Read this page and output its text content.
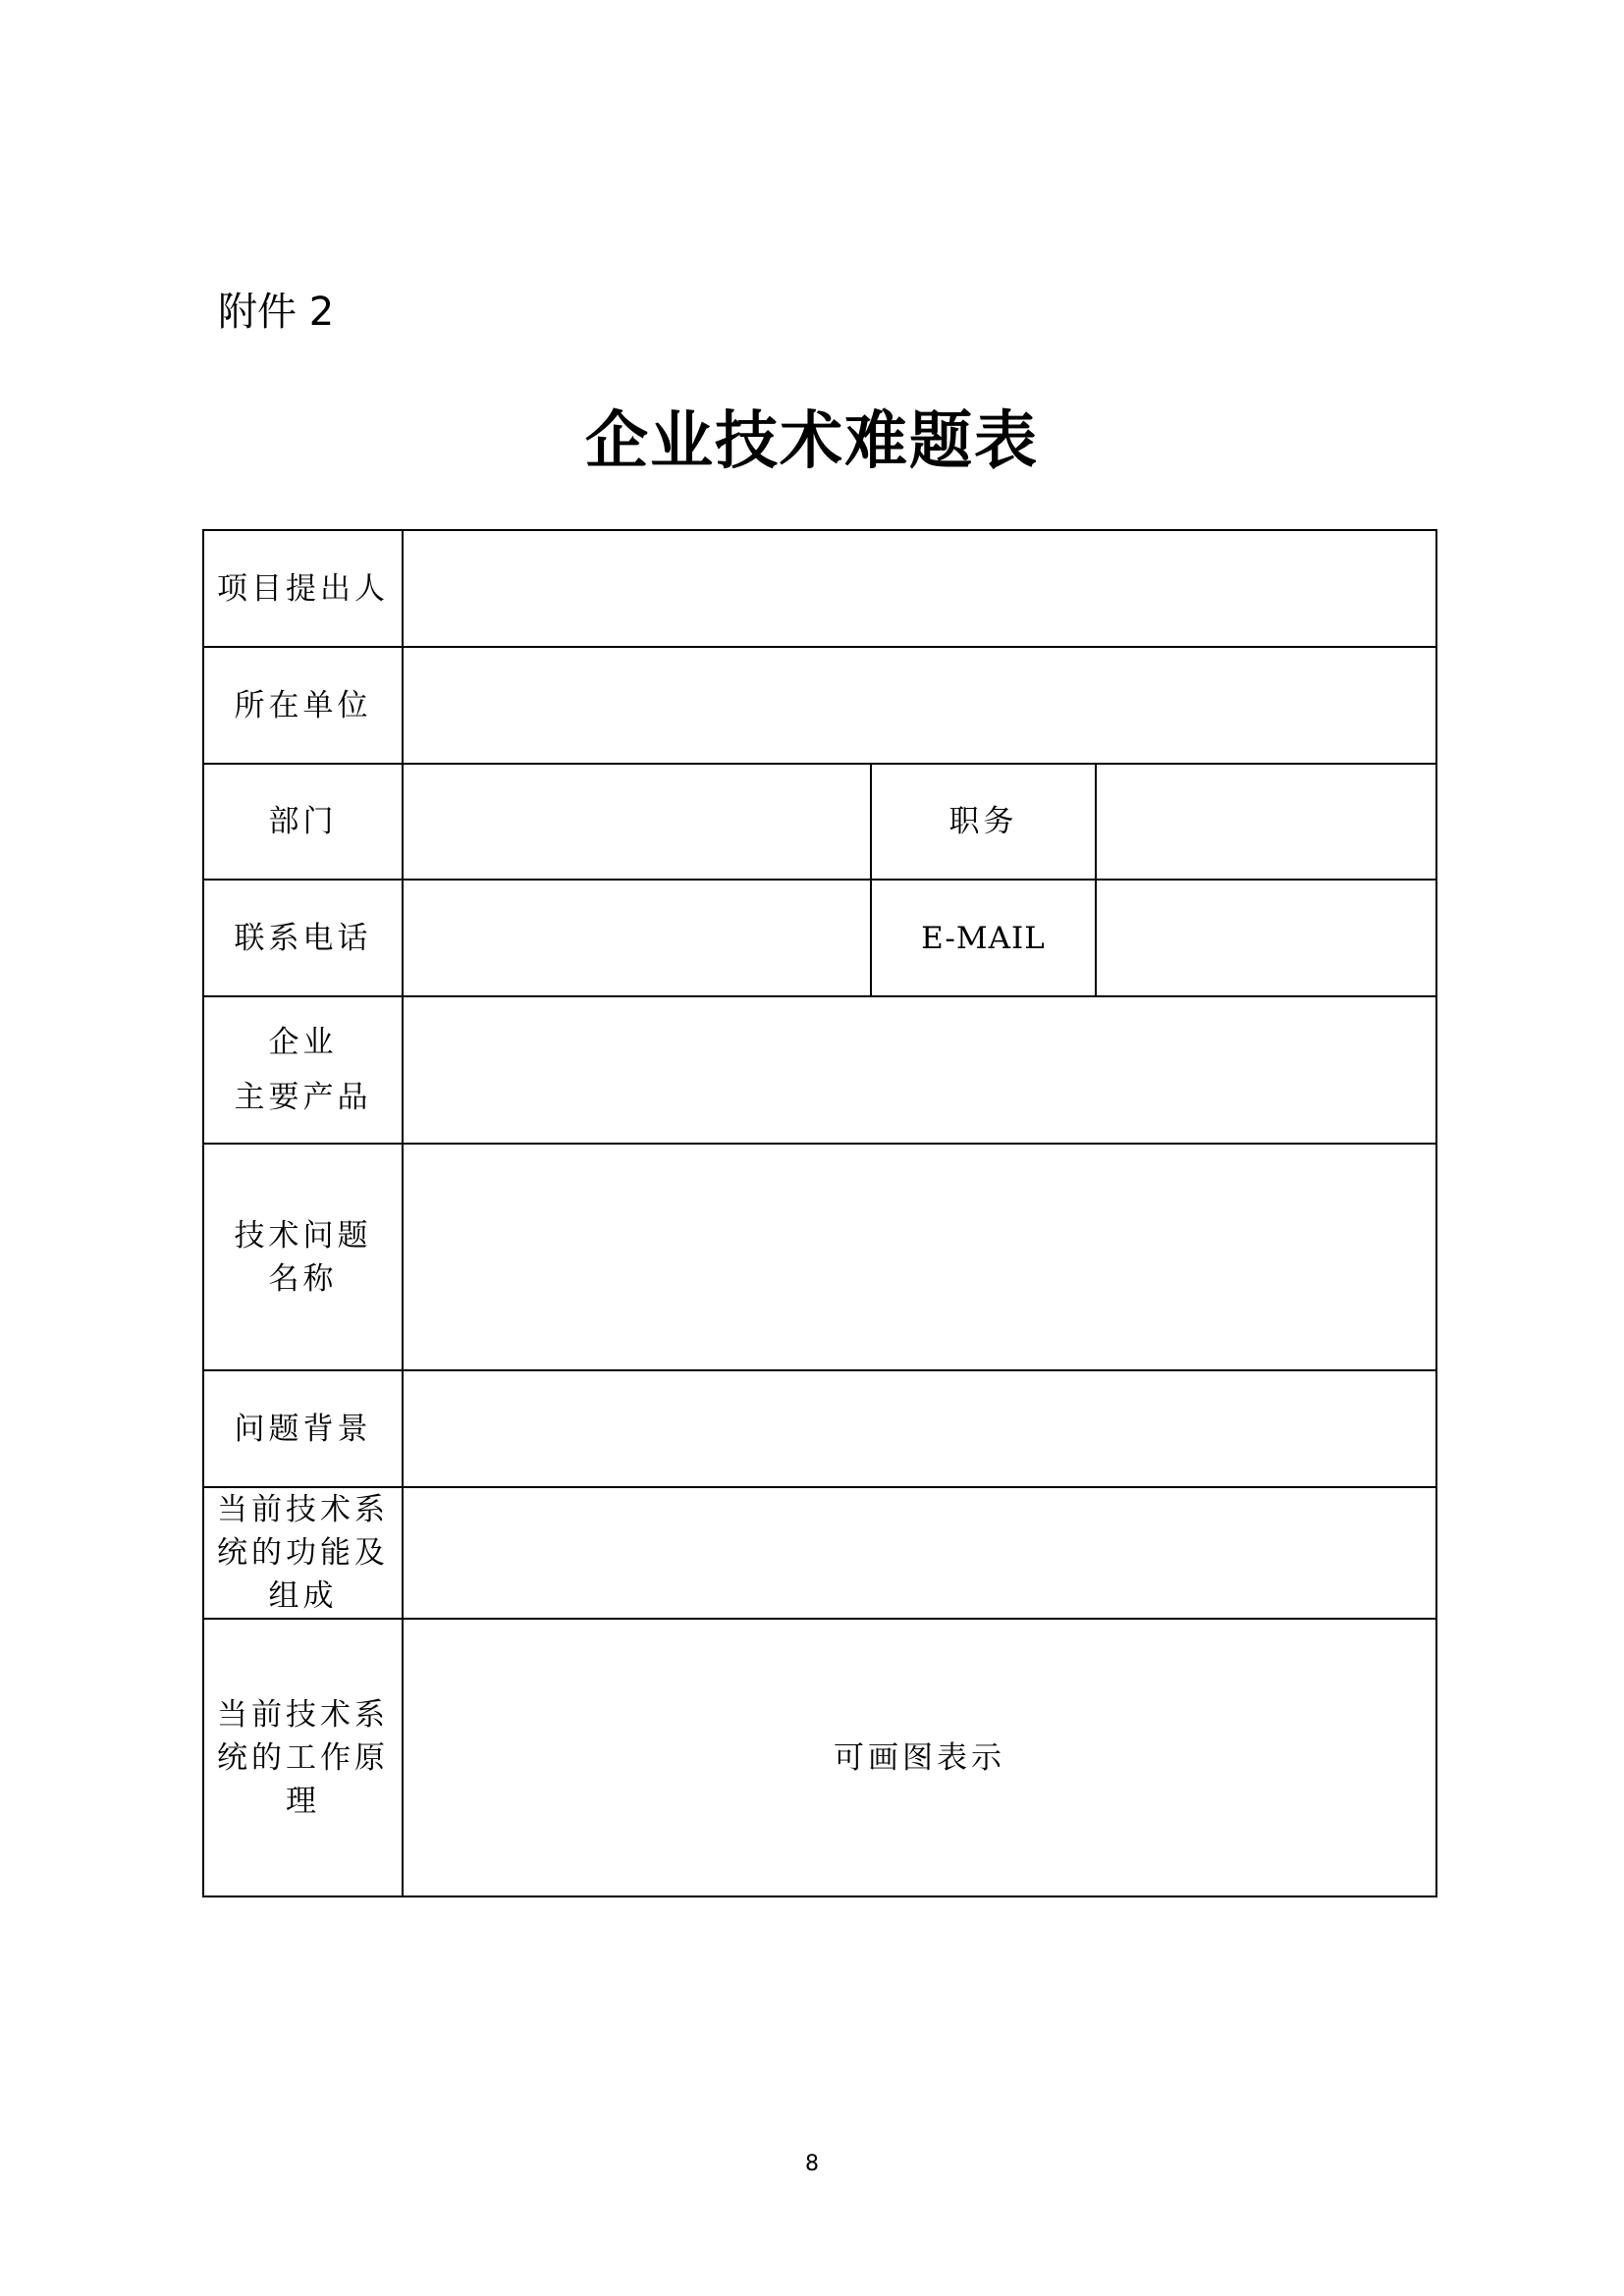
附件 2
企业技术难题表
项目提出人			
所在单位			
部门		职务	
联系电话		E-MAIL	

企业
主要产品			

技术问题
名称			

问题背景			

当前技术系
统的功能及
组成			

当前技术系
统的工作原
理	可画图表示		
8
